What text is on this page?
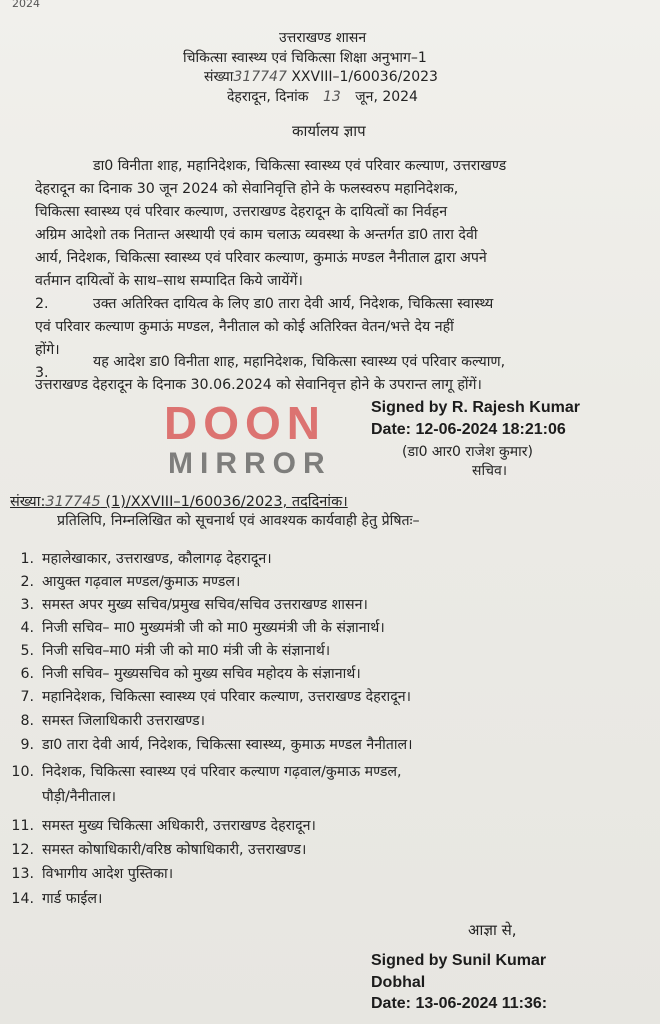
2024
उत्तराखण्ड शासन
चिकित्सा स्वास्थ्य एवं चिकित्सा शिक्षा अनुभाग–1
संख्या317747 XXVIII–1/60036/2023
देहरादून, दिनांक 13 जून, 2024
कार्यालय ज्ञाप
डा0 विनीता शाह, महानिदेशक, चिकित्सा स्वास्थ्य एवं परिवार कल्याण, उत्तराखण्ड
देहरादून का दिनाक 30 जून 2024 को सेवानिवृत्ति होने के फलस्वरुप महानिदेशक,
चिकित्सा स्वास्थ्य एवं परिवार कल्याण, उत्तराखण्ड देहरादून के दायित्वों का निर्वहन
अग्रिम आदेशो तक नितान्त अस्थायी एवं काम चलाऊ व्यवस्था के अन्तर्गत डा0 तारा देवी
आर्य, निदेशक, चिकित्सा स्वास्थ्य एवं परिवार कल्याण, कुमाऊं मण्डल नैनीताल द्वारा अपने
वर्तमान दायित्वों के साथ–साथ सम्पादित किये जायेंगें।
2.	उक्त अतिरिक्त दायित्व के लिए डा0 तारा देवी आर्य, निदेशक, चिकित्सा स्वास्थ्य
एवं परिवार कल्याण कुमाऊं मण्डल, नैनीताल को कोई अतिरिक्त वेतन/भत्ते देय नहीं
होंगे।
3.
यह आदेश डा0 विनीता शाह, महानिदेशक, चिकित्सा स्वास्थ्य एवं परिवार कल्याण,
उत्तराखण्ड देहरादून के दिनाक 30.06.2024 को सेवानिवृत्त होने के उपरान्त लागू होंगें।
DOON
MIRROR
Signed by R. Rajesh Kumar
Date: 12-06-2024 18:21:06
(डा0 आर0 राजेश कुमार)
सचिव।
संख्या:317745 (1)/XXVIII–1/60036/2023, तददिनांक।
प्रतिलिपि, निम्नलिखित को सूचनार्थ एवं आवश्यक कार्यवाही हेतु प्रेषितः–
1. महालेखाकार, उत्तराखण्ड, कौलागढ़ देहरादून।
2. आयुक्त गढ़वाल मण्डल/कुमाऊ मण्डल।
3. समस्त अपर मुख्य सचिव/प्रमुख सचिव/सचिव उत्तराखण्ड शासन।
4. निजी सचिव– मा0 मुख्यमंत्री जी को मा0 मुख्यमंत्री जी के संज्ञानार्थ।
5. निजी सचिव–मा0 मंत्री जी को मा0 मंत्री जी के संज्ञानार्थ।
6. निजी सचिव– मुख्यसचिव को मुख्य सचिव महोदय के संज्ञानार्थ।
7. महानिदेशक, चिकित्सा स्वास्थ्य एवं परिवार कल्याण, उत्तराखण्ड देहरादून।
8. समस्त जिलाधिकारी उत्तराखण्ड।
9. डा0 तारा देवी आर्य, निदेशक, चिकित्सा स्वास्थ्य, कुमाऊ मण्डल नैनीताल।
10. निदेशक, चिकित्सा स्वास्थ्य एवं परिवार कल्याण गढ़वाल/कुमाऊ मण्डल,
पौड़ी/नैनीताल।
11. समस्त मुख्य चिकित्सा अधिकारी, उत्तराखण्ड देहरादून।
12. समस्त कोषाधिकारी/वरिष्ठ कोषाधिकारी, उत्तराखण्ड।
13. विभागीय आदेश पुस्तिका।
14. गार्ड फाईल।
आज्ञा से,
Signed by Sunil Kumar
Dobhal
Date: 13-06-2024 11:36:
